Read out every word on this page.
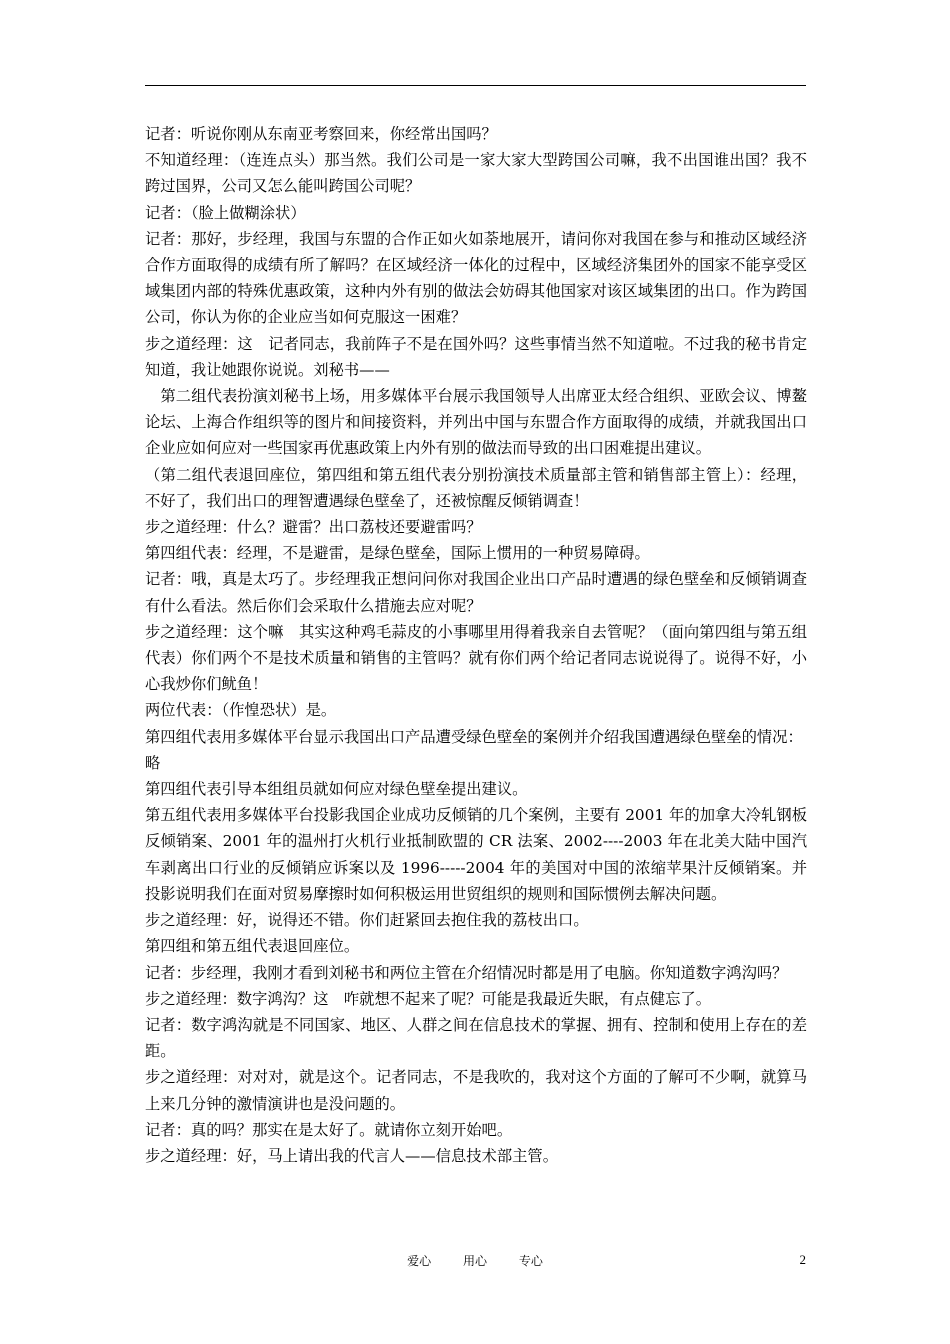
记者：听说你刚从东南亚考察回来，你经常出国吗？

不知道经理：（连连点头）那当然。我们公司是一家大家大型跨国公司嘛，我不出国谁出国？我不跨过国界，公司又怎么能叫跨国公司呢？

记者：（脸上做糊涂状）

记者：那好，步经理，我国与东盟的合作正如火如荼地展开，请问你对我国在参与和推动区域经济合作方面取得的成绩有所了解吗？在区域经济一体化的过程中，区域经济集团外的国家不能享受区域集团内部的特殊优惠政策，这种内外有别的做法会妨碍其他国家对该区域集团的出口。作为跨国公司，你认为你的企业应当如何克服这一困难？

步之道经理：这　记者同志，我前阵子不是在国外吗？这些事情当然不知道啦。不过我的秘书肯定知道，我让她跟你说说。刘秘书——

　第二组代表扮演刘秘书上场，用多媒体平台展示我国领导人出席亚太经合组织、亚欧会议、博鳌论坛、上海合作组织等的图片和间接资料，并列出中国与东盟合作方面取得的成绩，并就我国出口企业应如何应对一些国家再优惠政策上内外有别的做法而导致的出口困难提出建议。

（第二组代表退回座位，第四组和第五组代表分别扮演技术质量部主管和销售部主管上）：经理，不好了，我们出口的理智遭遇绿色壁垒了，还被惊醒反倾销调查！

步之道经理：什么？避雷？出口荔枝还要避雷吗？

第四组代表：经理，不是避雷，是绿色壁垒，国际上惯用的一种贸易障碍。

记者：哦，真是太巧了。步经理我正想问问你对我国企业出口产品时遭遇的绿色壁垒和反倾销调查有什么看法。然后你们会采取什么措施去应对呢？

步之道经理：这个嘛　其实这种鸡毛蒜皮的小事哪里用得着我亲自去管呢？（面向第四组与第五组代表）你们两个不是技术质量和销售的主管吗？就有你们两个给记者同志说说得了。说得不好，小心我炒你们鱿鱼！

两位代表：（作惶恐状）是。

第四组代表用多媒体平台显示我国出口产品遭受绿色壁垒的案例并介绍我国遭遇绿色壁垒的情况：

略

第四组代表引导本组组员就如何应对绿色壁垒提出建议。

第五组代表用多媒体平台投影我国企业成功反倾销的几个案例，主要有 2001 年的加拿大冷轧钢板反倾销案、2001 年的温州打火机行业抵制欧盟的 CR 法案、2002----2003 年在北美大陆中国汽车剥离出口行业的反倾销应诉案以及 1996-----2004 年的美国对中国的浓缩苹果汁反倾销案。并投影说明我们在面对贸易摩擦时如何积极运用世贸组织的规则和国际惯例去解决问题。

步之道经理：好，说得还不错。你们赶紧回去抱住我的荔枝出口。

第四组和第五组代表退回座位。

记者：步经理，我刚才看到刘秘书和两位主管在介绍情况时都是用了电脑。你知道数字鸿沟吗？

步之道经理：数字鸿沟？这　咋就想不起来了呢？可能是我最近失眠，有点健忘了。

记者：数字鸿沟就是不同国家、地区、人群之间在信息技术的掌握、拥有、控制和使用上存在的差距。

步之道经理：对对对，就是这个。记者同志，不是我吹的，我对这个方面的了解可不少啊，就算马上来几分钟的激情演讲也是没问题的。

记者：真的吗？那实在是太好了。就请你立刻开始吧。

步之道经理：好，马上请出我的代言人——信息技术部主管。

爱心	用心	专心	2
